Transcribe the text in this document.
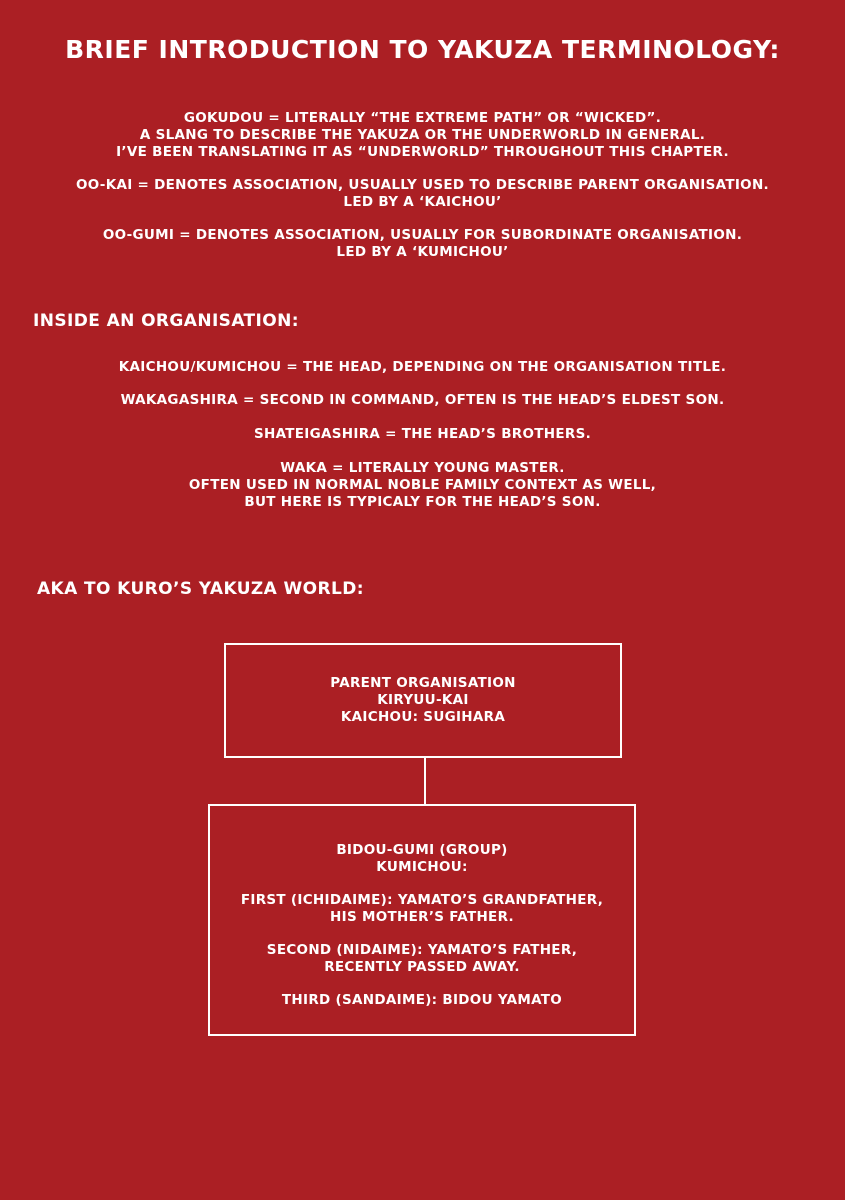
BRIEF INTRODUCTION TO YAKUZA TERMINOLOGY:
GOKUDOU = LITERALLY “THE EXTREME PATH” OR “WICKED”.
A SLANG TO DESCRIBE THE YAKUZA OR THE UNDERWORLD IN GENERAL.
I’VE BEEN TRANSLATING IT AS “UNDERWORLD” THROUGHOUT THIS CHAPTER.
OO-KAI = DENOTES ASSOCIATION, USUALLY USED TO DESCRIBE PARENT ORGANISATION.
LED BY A ‘KAICHOU’
OO-GUMI = DENOTES ASSOCIATION, USUALLY FOR SUBORDINATE ORGANISATION.
LED BY A ‘KUMICHOU’
INSIDE AN ORGANISATION:
KAICHOU/KUMICHOU = THE HEAD, DEPENDING ON THE ORGANISATION TITLE.
WAKAGASHIRA = SECOND IN COMMAND, OFTEN IS THE HEAD’S ELDEST SON.
SHATEIGASHIRA = THE HEAD’S BROTHERS.
WAKA = LITERALLY YOUNG MASTER.
OFTEN USED IN NORMAL NOBLE FAMILY CONTEXT AS WELL,
BUT HERE IS TYPICALY FOR THE HEAD’S SON.
AKA TO KURO’S YAKUZA WORLD:
PARENT ORGANISATION
KIRYUU-KAI
KAICHOU: SUGIHARA
BIDOU-GUMI (GROUP)
KUMICHOU:
FIRST (ICHIDAIME): YAMATO’S GRANDFATHER,
HIS MOTHER’S FATHER.
SECOND (NIDAIME): YAMATO’S FATHER,
RECENTLY PASSED AWAY.
THIRD (SANDAIME): BIDOU YAMATO
